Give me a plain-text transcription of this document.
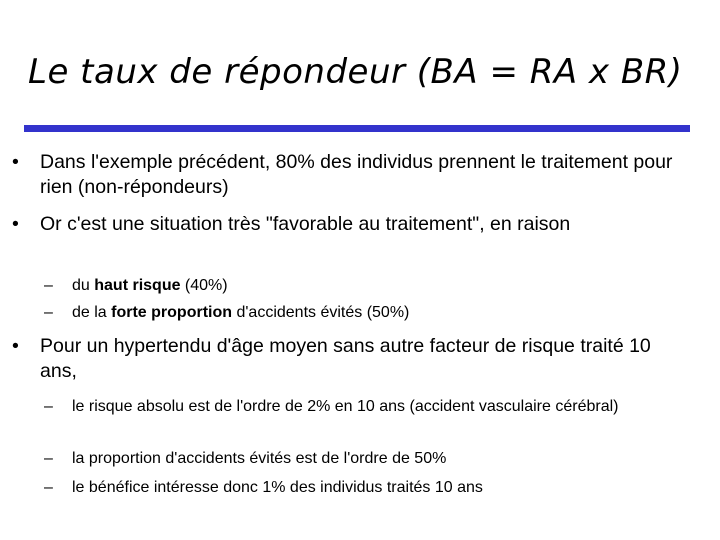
Le taux de répondeur (BA = RA x BR)
• Dans l'exemple précédent, 80% des individus prennent le traitement pour rien (non-répondeurs)
• Or c'est une situation très "favorable au traitement", en raison
– du haut risque (40%)
– de la forte proportion d'accidents évités (50%)
• Pour un hypertendu d'âge moyen sans autre facteur de risque traité 10 ans,
– le risque absolu est de l'ordre de 2% en 10 ans (accident vasculaire cérébral)
– la proportion d'accidents évités est de l'ordre de 50%
– le bénéfice intéresse donc 1% des individus traités 10 ans
